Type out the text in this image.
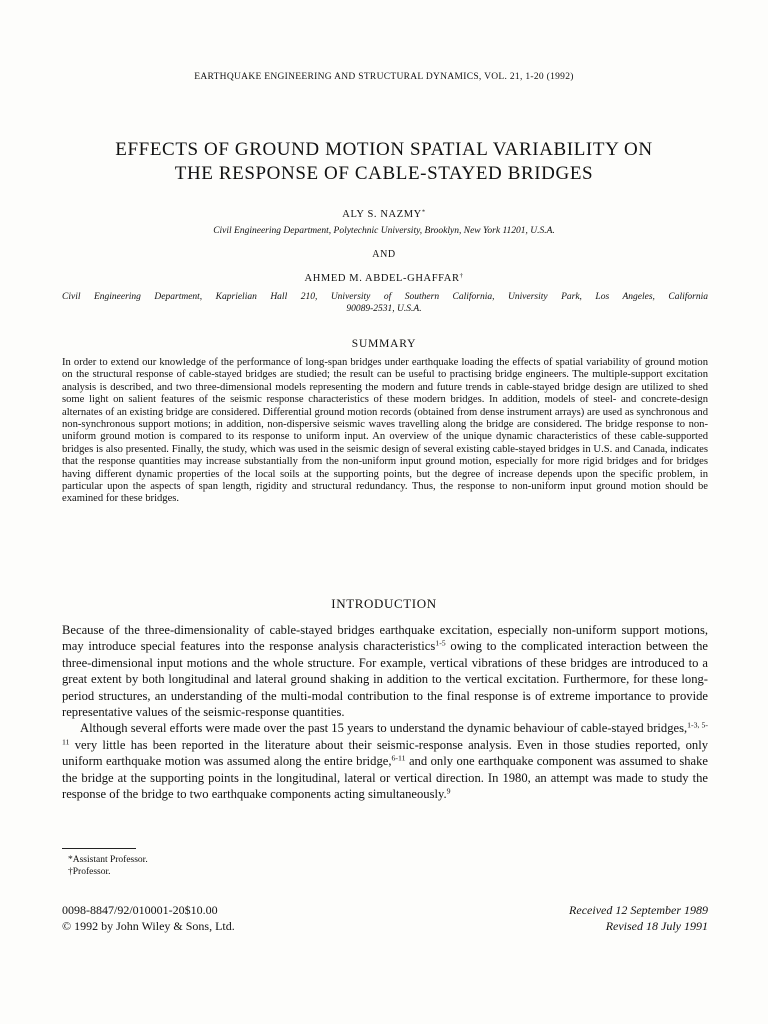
EARTHQUAKE ENGINEERING AND STRUCTURAL DYNAMICS, VOL. 21, 1-20 (1992)
EFFECTS OF GROUND MOTION SPATIAL VARIABILITY ON
THE RESPONSE OF CABLE-STAYED BRIDGES
ALY S. NAZMY*
Civil Engineering Department, Polytechnic University, Brooklyn, New York 11201, U.S.A.
AND
AHMED M. ABDEL-GHAFFAR†
Civil Engineering Department, Kaprielian Hall 210, University of Southern California, University Park, Los Angeles, California
90089-2531, U.S.A.
SUMMARY
In order to extend our knowledge of the performance of long-span bridges under earthquake loading the effects of spatial variability of ground motion on the structural response of cable-stayed bridges are studied; the result can be useful to practising bridge engineers. The multiple-support excitation analysis is described, and two three-dimensional models representing the modern and future trends in cable-stayed bridge design are utilized to shed some light on salient features of the seismic response characteristics of these modern bridges. In addition, models of steel- and concrete-design alternates of an existing bridge are considered. Differential ground motion records (obtained from dense instrument arrays) are used as synchronous and non-synchronous support motions; in addition, non-dispersive seismic waves travelling along the bridge are considered. The bridge response to non-uniform ground motion is compared to its response to uniform input. An overview of the unique dynamic characteristics of these cable-supported bridges is also presented. Finally, the study, which was used in the seismic design of several existing cable-stayed bridges in U.S. and Canada, indicates that the response quantities may increase substantially from the non-uniform input ground motion, especially for more rigid bridges and for bridges having different dynamic properties of the local soils at the supporting points, but the degree of increase depends upon the specific problem, in particular upon the aspects of span length, rigidity and structural redundancy. Thus, the response to non-uniform input ground motion should be examined for these bridges.
INTRODUCTION

Because of the three-dimensionality of cable-stayed bridges earthquake excitation, especially non-uniform support motions, may introduce special features into the response analysis characteristics$^{1-5}$ owing to the complicated interaction between the three-dimensional input motions and the whole structure. For example, vertical vibrations of these bridges are introduced to a great extent by both longitudinal and lateral ground shaking in addition to the vertical excitation. Furthermore, for these long-period structures, an understanding of the multi-modal contribution to the final response is of extreme importance to provide representative values of the seismic-response quantities.

Although several efforts were made over the past 15 years to understand the dynamic behaviour of cable-stayed bridges,$^{1-3, 5-11}$ very little has been reported in the literature about their seismic-response analysis. Even in those studies reported, only uniform earthquake motion was assumed along the entire bridge,$^{6-11}$ and only one earthquake component was assumed to shake the bridge at the supporting points in the longitudinal, lateral or vertical direction. In 1980, an attempt was made to study the response of the bridge to two earthquake components acting simultaneously.$^9$

*Assistant Professor.
†Professor.
0098-8847/92/010001-20$10.00
© 1992 by John Wiley & Sons, Ltd.
Received 12 September 1989
Revised 18 July 1991
